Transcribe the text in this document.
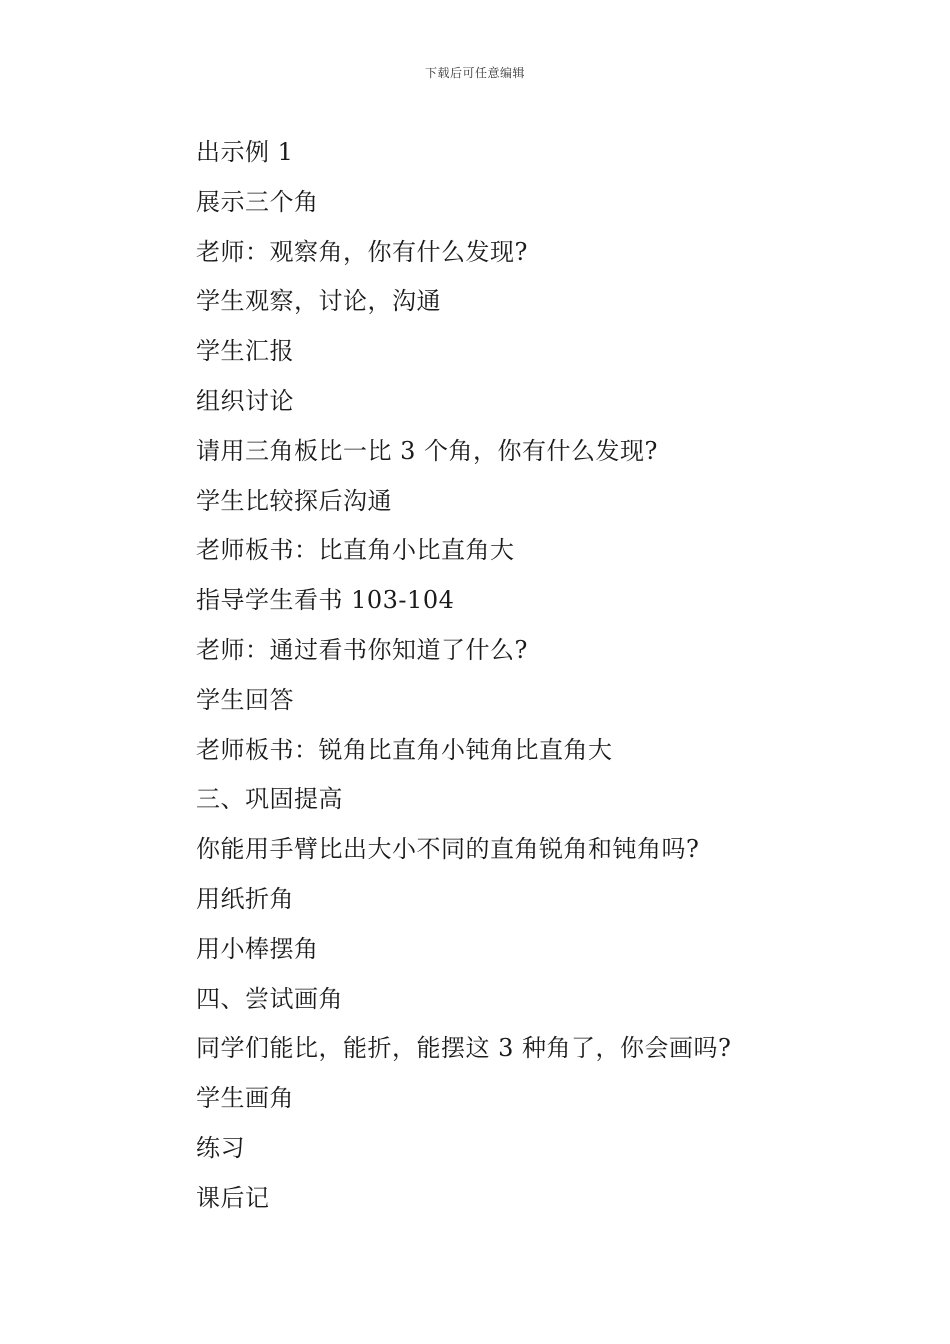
下载后可任意编辑
出示例 1
展示三个角
老师：观察角，你有什么发现?
学生观察，讨论，沟通
学生汇报
组织讨论
请用三角板比一比 3 个角，你有什么发现?
学生比较探后沟通
老师板书：比直角小比直角大
指导学生看书 103-104
老师：通过看书你知道了什么?
学生回答
老师板书：锐角比直角小钝角比直角大
三、巩固提高
你能用手臂比出大小不同的直角锐角和钝角吗?
用纸折角
用小棒摆角
四、尝试画角
同学们能比，能折，能摆这 3 种角了，你会画吗?
学生画角
练习
课后记
